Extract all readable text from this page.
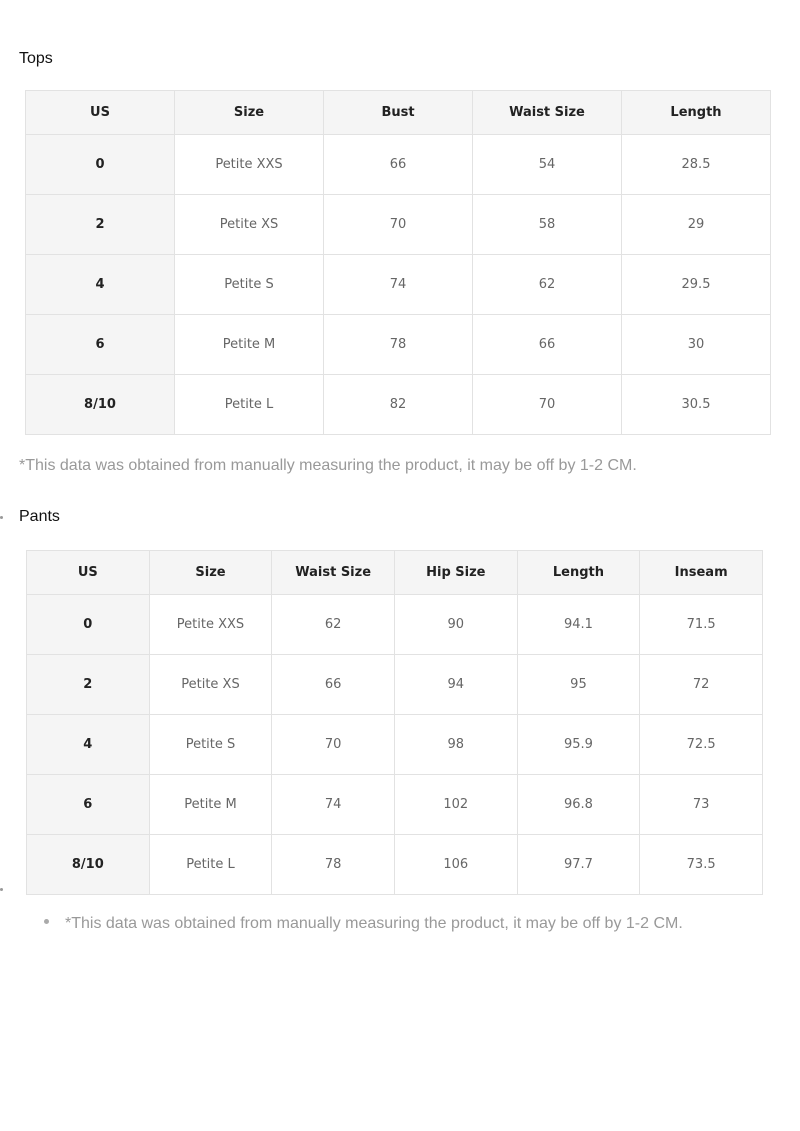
Tops
US	Size	Bust	Waist Size	Length
0	Petite XXS	66	54	28.5
2	Petite XS	70	58	29
4	Petite S	74	62	29.5
6	Petite M	78	66	30
8/10	Petite L	82	70	30.5

*This data was obtained from manually measuring the product, it may be off by 1-2 CM.

Pants
US	Size	Waist Size	Hip Size	Length	Inseam
0	Petite XXS	62	90	94.1	71.5
2	Petite XS	66	94	95	72
4	Petite S	70	98	95.9	72.5
6	Petite M	74	102	96.8	73
8/10	Petite L	78	106	97.7	73.5

*This data was obtained from manually measuring the product, it may be off by 1-2 CM.
